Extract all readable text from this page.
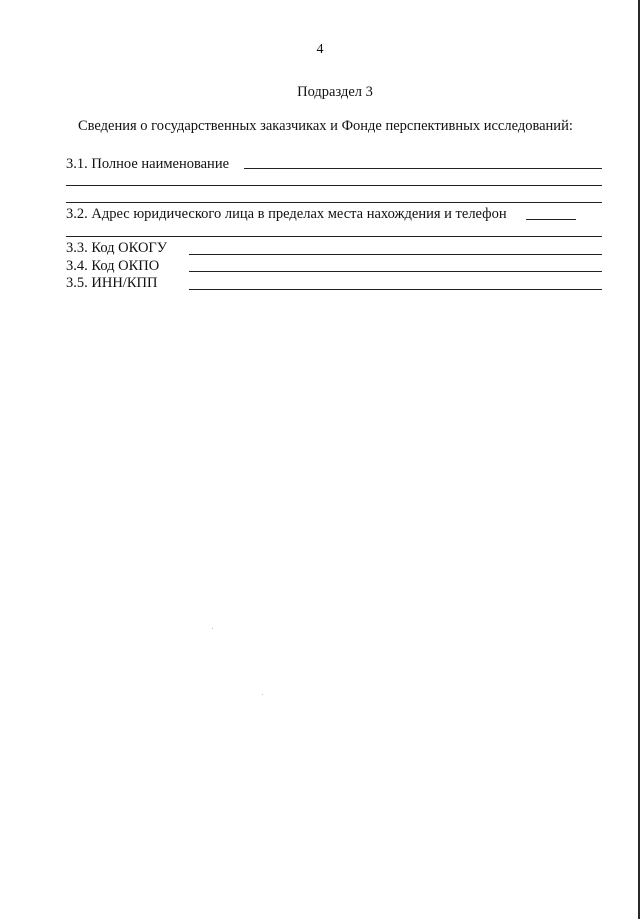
4
Подраздел 3
Сведения о государственных заказчиках и Фонде перспективных исследований:
3.1. Полное наименование
3.2. Адрес юридического лица в пределах места нахождения и телефон
3.3. Код ОКОГУ
3.4. Код ОКПО
3.5. ИНН/КПП
